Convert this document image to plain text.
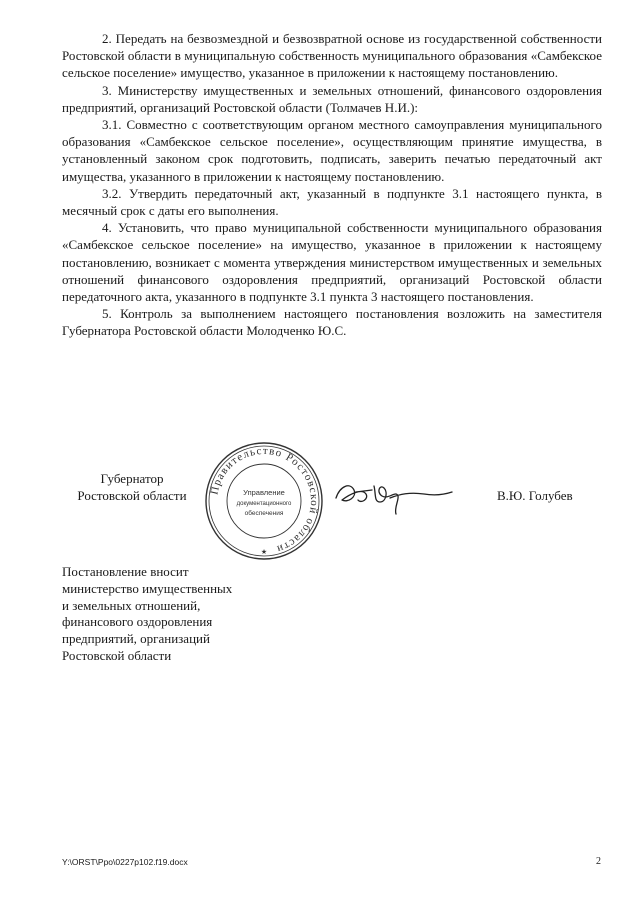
2. Передать на безвозмездной и безвозвратной основе из государственной собственности Ростовской области в муниципальную собственность муниципального образования «Самбекское сельское поселение» имущество, указанное в приложении к настоящему постановлению.

3. Министерству имущественных и земельных отношений, финансового оздоровления предприятий, организаций Ростовской области (Толмачев Н.И.):

3.1. Совместно с соответствующим органом местного самоуправления муниципального образования «Самбекское сельское поселение», осуществляющим принятие имущества, в установленный законом срок подготовить, подписать, заверить печатью передаточный акт имущества, указанного в приложении к настоящему постановлению.

3.2. Утвердить передаточный акт, указанный в подпункте 3.1 настоящего пункта, в месячный срок с даты его выполнения.

4. Установить, что право муниципальной собственности муниципального образования «Самбекское сельское поселение» на имущество, указанное в приложении к настоящему постановлению, возникает с момента утверждения министерством имущественных и земельных отношений финансового оздоровления предприятий, организаций Ростовской области передаточного акта, указанного в подпункте 3.1 пункта 3 настоящего постановления.

5. Контроль за выполнением настоящего постановления возложить на заместителя Губернатора Ростовской области Молодченко Ю.С.

Губернатор
Ростовской области	Правительство Ростовской области
Управление
документационного
обеспечения
★
В.Ю. Голубев
Постановление вносит
министерство имущественных
и земельных отношений,
финансового оздоровления
предприятий, организаций
Ростовской области
Y:\ORST\Ppo\0227p102.f19.docx	2
